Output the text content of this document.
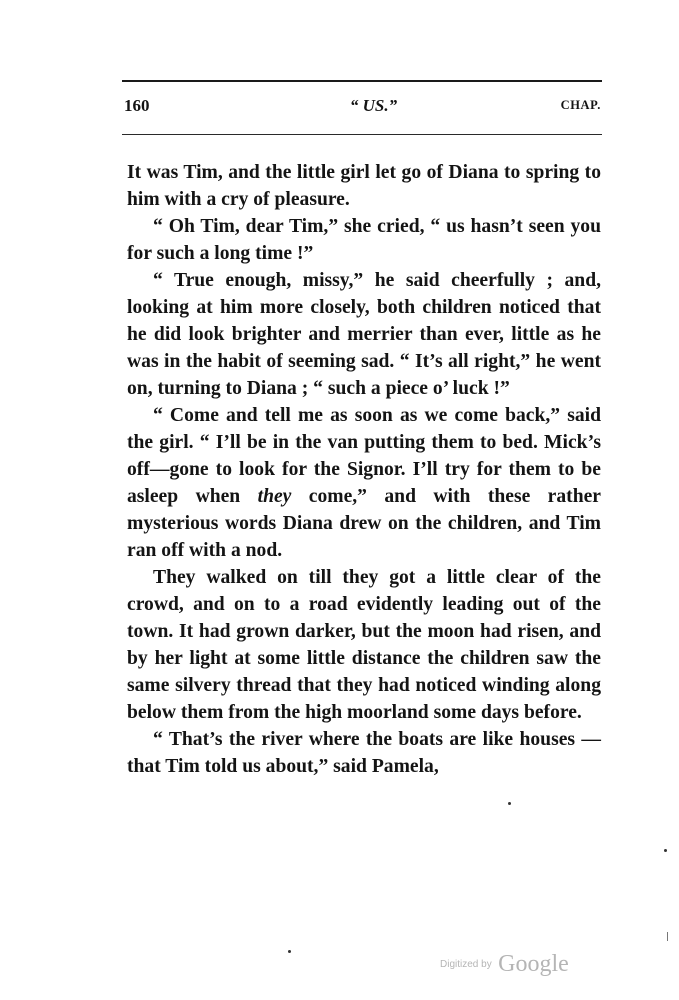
160	“ US.”	CHAP.

It was Tim, and the little girl let go of Diana to spring to him with a cry of pleasure.

“ Oh Tim, dear Tim,” she cried, “ us hasn’t seen you for such a long time !”

“ True enough, missy,” he said cheerfully ; and, looking at him more closely, both children noticed that he did look brighter and merrier than ever, little as he was in the habit of seeming sad. “ It’s all right,” he went on, turning to Diana ; “ such a piece o’ luck !”

“ Come and tell me as soon as we come back,” said the girl. “ I’ll be in the van putting them to bed. Mick’s off—gone to look for the Signor. I’ll try for them to be asleep when they come,” and with these rather mysterious words Diana drew on the children, and Tim ran off with a nod.

They walked on till they got a little clear of the crowd, and on to a road evidently leading out of the town. It had grown darker, but the moon had risen, and by her light at some little distance the children saw the same silvery thread that they had noticed winding along below them from the high moorland some days before.

“ That’s the river where the boats are like houses —that Tim told us about,” said Pamela,

Digitized by Google
